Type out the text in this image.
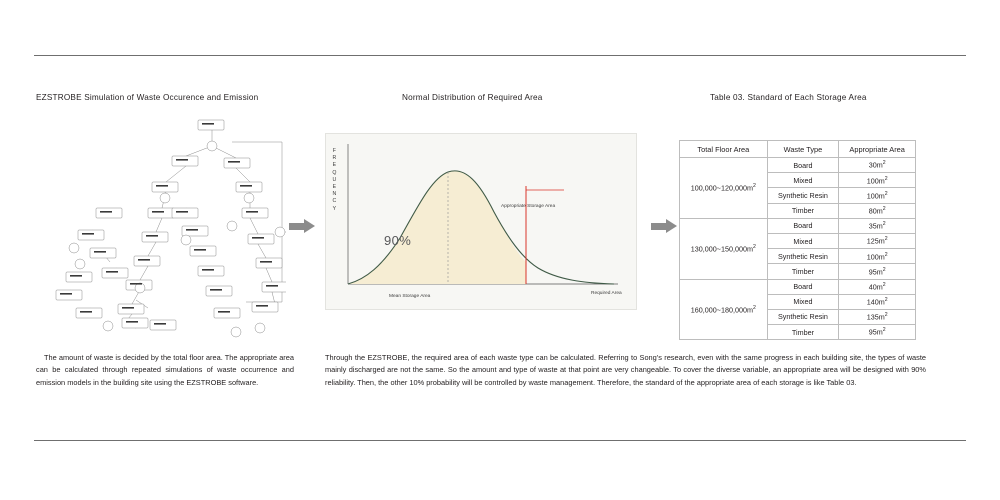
EZSTROBE Simulation of Waste Occurence and Emission	Normal Distribution of Required Area	Table 03. Standard of Each Storage Area
F
R
E
Q
U
E
N
C
Y
90%
Appropriate Storage Area
Mean Storage Area
Required Area
Total Floor Area	Waste Type	Appropriate Area
$100,000\sim 120,000m^2$	Board	$30m^2$
	Mixed	$100m^2$
	Synthetic Resin	$100m^2$
	Timber	$80m^2$
$130,000\sim 150,000m^2$	Board	$35m^2$
	Mixed	$125m^2$
	Synthetic Resin	$100m^2$
	Timber	$95m^2$
$160,000\sim 180,000m^2$	Board	$40m^2$
	Mixed	$140m^2$
	Synthetic Resin	$135m^2$
	Timber	$95m^2$
The amount of waste is decided by the total floor area. The appropriate area can be calculated through repeated simulations of waste occurrence and emission models in the building site using the EZSTROBE software.
Through the EZSTROBE, the required area of each waste type can be calculated. Referring to Song's research, even with the same progress in each building site, the types of waste mainly discharged are not the same. So the amount and type of waste at that point are very changeable. To cover the diverse variable, an appropriate area will be designed with 90% reliability. Then, the other 10% probability will be controlled by waste management. Therefore, the standard of the appropriate area of each storage is like Table 03.
